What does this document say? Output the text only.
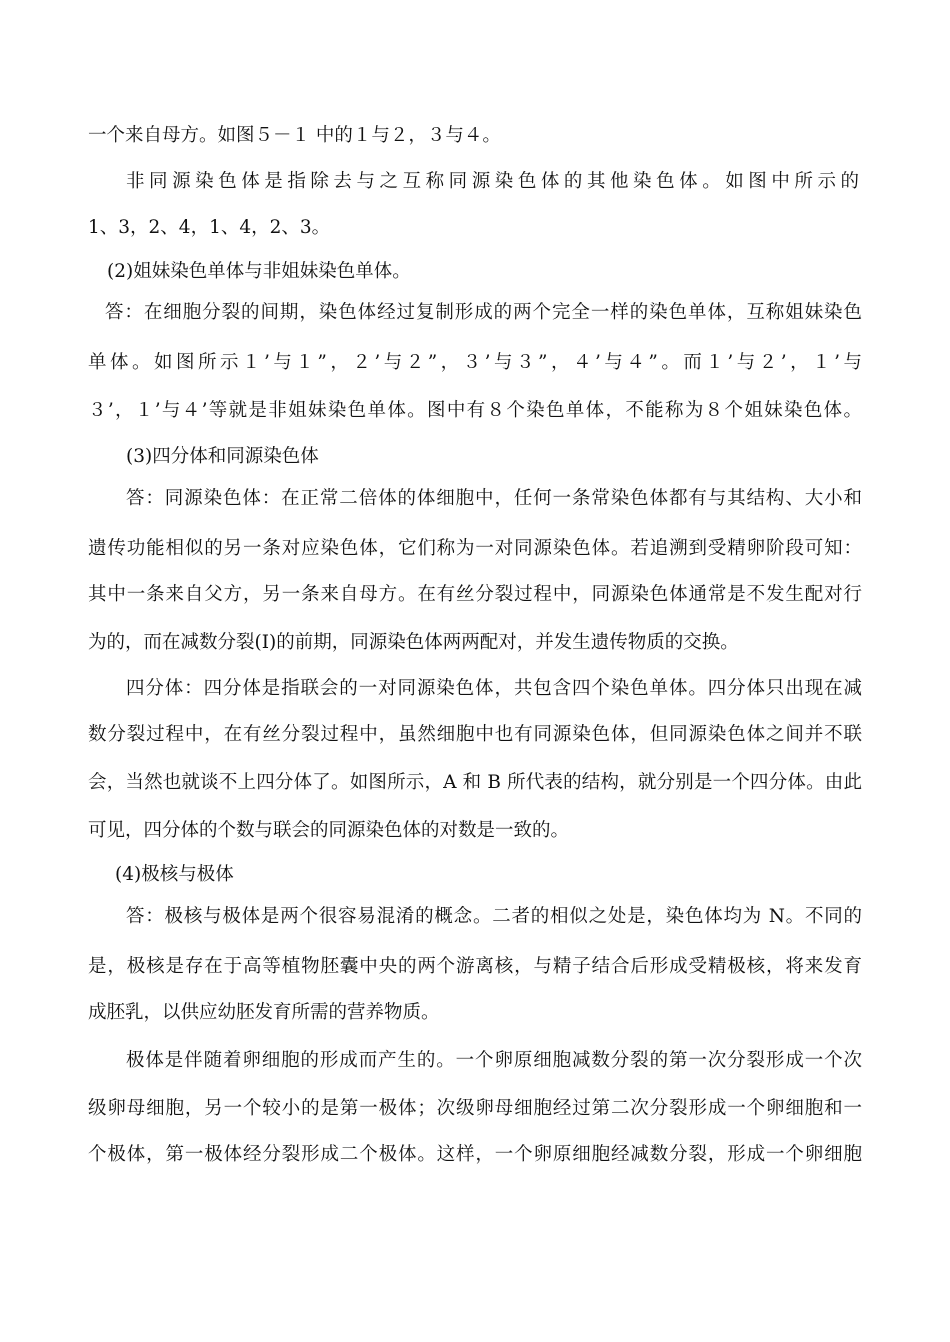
一个来自母方。如图５－１ 中的１与２，３与４。

非同源染色体是指除去与之互称同源染色体的其他染色体。如图中所示的

1、3，2、4，1、4，2、3。

(2)姐妹染色单体与非姐妹染色单体。

答：在细胞分裂的间期，染色体经过复制形成的两个完全一样的染色单体，互称姐妹染色

单体。如图所示１’与１”，２’与２”，３’与３”，４’与４”。而１’与２’，１’与

３’，１’与４’等就是非姐妹染色单体。图中有８个染色单体，不能称为８个姐妹染色体。

(3)四分体和同源染色体

答：同源染色体：在正常二倍体的体细胞中，任何一条常染色体都有与其结构、大小和

遗传功能相似的另一条对应染色体，它们称为一对同源染色体。若追溯到受精卵阶段可知：

其中一条来自父方，另一条来自母方。在有丝分裂过程中，同源染色体通常是不发生配对行

为的，而在减数分裂(I)的前期，同源染色体两两配对，并发生遗传物质的交换。

四分体：四分体是指联会的一对同源染色体，共包含四个染色单体。四分体只出现在减

数分裂过程中，在有丝分裂过程中，虽然细胞中也有同源染色体，但同源染色体之间并不联

会，当然也就谈不上四分体了。如图所示，A 和 B 所代表的结构，就分别是一个四分体。由此

可见，四分体的个数与联会的同源染色体的对数是一致的。

(4)极核与极体

答：极核与极体是两个很容易混淆的概念。二者的相似之处是，染色体均为 N。不同的

是，极核是存在于高等植物胚囊中央的两个游离核，与精子结合后形成受精极核，将来发育

成胚乳，以供应幼胚发育所需的营养物质。

极体是伴随着卵细胞的形成而产生的。一个卵原细胞减数分裂的第一次分裂形成一个次

级卵母细胞，另一个较小的是第一极体；次级卵母细胞经过第二次分裂形成一个卵细胞和一

个极体，第一极体经分裂形成二个极体。这样，一个卵原细胞经减数分裂，形成一个卵细胞
